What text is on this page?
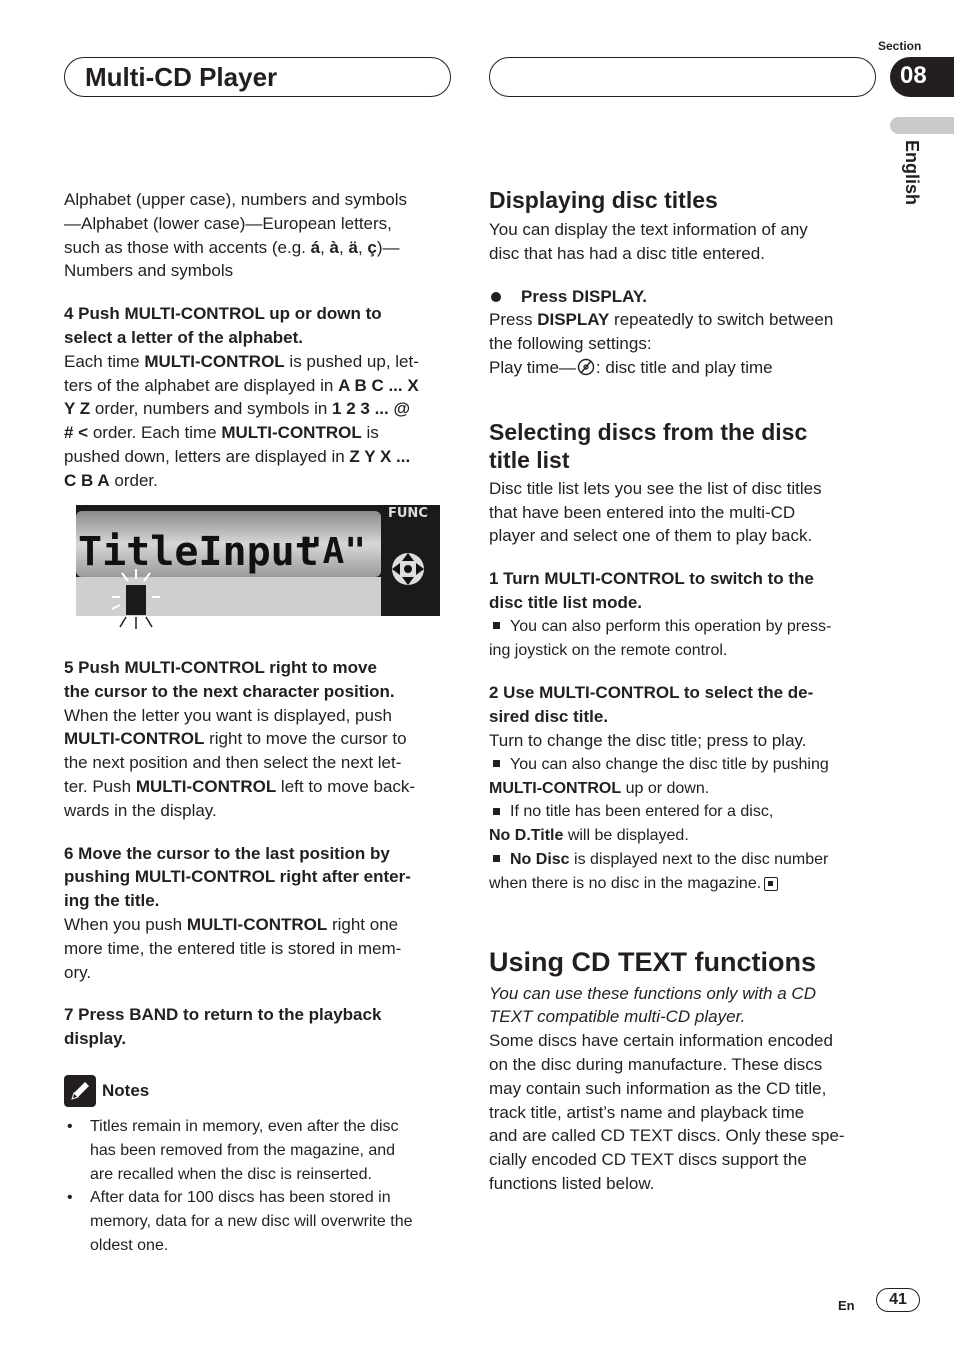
Multi-CD Player
Section
08
English

Alphabet (upper case), numbers and symbols
—Alphabet (lower case)—European letters,
such as those with accents (e.g. á, à, ä, ç)—
Numbers and symbols

4 Push MULTI-CONTROL up or down to
select a letter of the alphabet.

Each time MULTI-CONTROL is pushed up, let-
ters of the alphabet are displayed in A B C ... X
Y Z order, numbers and symbols in 1 2 3 ... @
# < order. Each time MULTI-CONTROL is
pushed down, letters are displayed in Z Y X ...
C B A order.

TitleInput
"A"
FUNC

5 Push MULTI-CONTROL right to move
the cursor to the next character position.

When the letter you want is displayed, push
MULTI-CONTROL right to move the cursor to
the next position and then select the next let-
ter. Push MULTI-CONTROL left to move back-
wards in the display.

6 Move the cursor to the last position by
pushing MULTI-CONTROL right after enter-
ing the title.

When you push MULTI-CONTROL right one
more time, the entered title is stored in mem-
ory.

7 Press BAND to return to the playback
display.

Notes
• Titles remain in memory, even after the disc
has been removed from the magazine, and
are recalled when the disc is reinserted.
• After data for 100 discs has been stored in
memory, data for a new disc will overwrite the
oldest one.
Displaying disc titles

You can display the text information of any
disc that has had a disc title entered.

Press DISPLAY.

Press DISPLAY repeatedly to switch between
the following settings:
Play time— : disc title and play time

Selecting discs from the disc
title list

Disc title list lets you see the list of disc titles
that have been entered into the multi-CD
player and select one of them to play back.

1 Turn MULTI-CONTROL to switch to the
disc title list mode.

You can also perform this operation by press-
ing joystick on the remote control.

2 Use MULTI-CONTROL to select the de-
sired disc title.

Turn to change the disc title; press to play.

You can also change the disc title by pushing
MULTI-CONTROL up or down.
If no title has been entered for a disc,
No D.Title will be displayed.
No Disc is displayed next to the disc number
when there is no disc in the magazine.

Using CD TEXT functions

You can use these functions only with a CD
TEXT compatible multi-CD player.

Some discs have certain information encoded
on the disc during manufacture. These discs
may contain such information as the CD title,
track title, artist’s name and playback time
and are called CD TEXT discs. Only these spe-
cially encoded CD TEXT discs support the
functions listed below.

En	41
